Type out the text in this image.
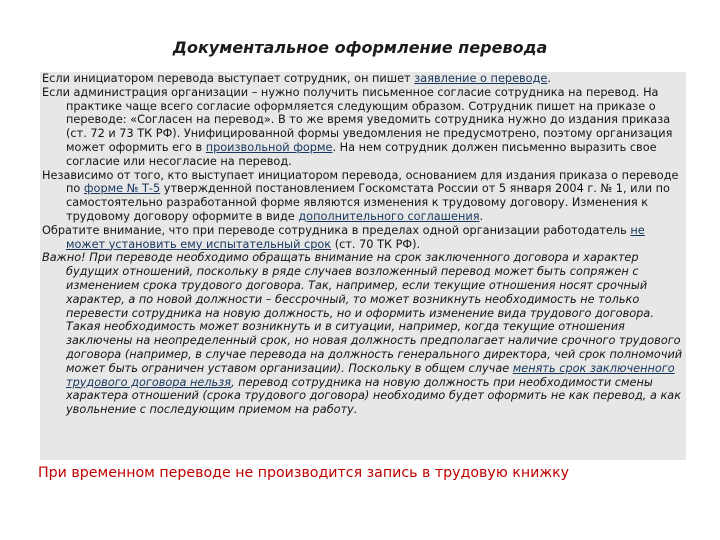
Документальное оформление перевода

Если инициатором перевода выступает сотрудник, он пишет заявление о переводе.

Если администрация организации – нужно получить письменное согласие сотрудника на перевод. На практике чаще всего согласие оформляется следующим образом. Сотрудник пишет на приказе о переводе: «Согласен на перевод». В то же время уведомить сотрудника нужно до издания приказа (ст. 72 и 73 ТК РФ). Унифицированной формы уведомления не предусмотрено, поэтому организация может оформить его в произвольной форме. На нем сотрудник должен письменно выразить свое согласие или несогласие на перевод.

Независимо от того, кто выступает инициатором перевода, основанием для издания приказа о переводе по форме № Т-5 утвержденной постановлением Госкомстата России от 5 января 2004 г. № 1, или по самостоятельно разработанной форме являются изменения к трудовому договору. Изменения к трудовому договору оформите в виде дополнительного соглашения.

Обратите внимание, что при переводе сотрудника в пределах одной организации работодатель не может установить ему испытательный срок (ст. 70 ТК РФ).

Важно! При переводе необходимо обращать внимание на срок заключенного договора и характер будущих отношений, поскольку в ряде случаев возложенный перевод может быть сопряжен с изменением срока трудового договора. Так, например, если текущие отношения носят срочный характер, а по новой должности – бессрочный, то может возникнуть необходимость не только перевести сотрудника на новую должность, но и оформить изменение вида трудового договора. Такая необходимость может возникнуть и в ситуации, например, когда текущие отношения заключены на неопределенный срок, но новая должность предполагает наличие срочного трудового договора (например, в случае перевода на должность генерального директора, чей срок полномочий может быть ограничен уставом организации). Поскольку в общем случае менять срок заключенного трудового договора нельзя, перевод сотрудника на новую должность при необходимости смены характера отношений (срока трудового договора) необходимо будет оформить не как перевод, а как увольнение с последующим приемом на работу.

При временном переводе не производится запись в трудовую книжку
